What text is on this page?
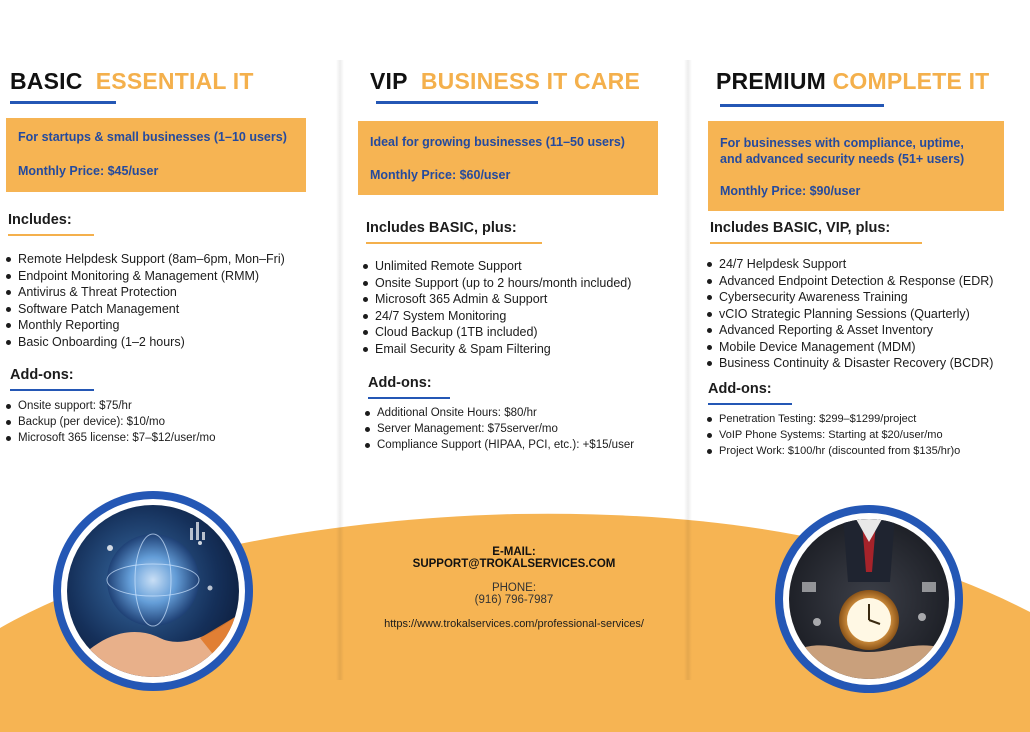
BASIC ESSENTIAL IT
For startups & small businesses (1–10 users)
Monthly Price: $45/user
Includes:
Remote Helpdesk Support (8am–6pm, Mon–Fri)
Endpoint Monitoring & Management (RMM)
Antivirus & Threat Protection
Software Patch Management
Monthly Reporting
Basic Onboarding (1–2 hours)
Add-ons:
Onsite support: $75/hr
Backup (per device): $10/mo
Microsoft 365 license: $7–$12/user/mo
VIP BUSINESS IT CARE
Ideal for growing businesses (11–50 users)
Monthly Price: $60/user
Includes BASIC, plus:
Unlimited Remote Support
Onsite Support (up to 2 hours/month included)
Microsoft 365 Admin & Support
24/7 System Monitoring
Cloud Backup (1TB included)
Email Security & Spam Filtering
Add-ons:
Additional Onsite Hours: $80/hr
Server Management: $75server/mo
Compliance Support (HIPAA, PCI, etc.): +$15/user
E-MAIL:
SUPPORT@TROKALSERVICES.COM
PHONE:
(916) 796-7987
https://www.trokalservices.com/professional-services/
PREMIUM COMPLETE IT
For businesses with compliance, uptime,
and advanced security needs (51+ users)
Monthly Price: $90/user
Includes BASIC, VIP, plus:
24/7 Helpdesk Support
Advanced Endpoint Detection & Response (EDR)
Cybersecurity Awareness Training
vCIO Strategic Planning Sessions (Quarterly)
Advanced Reporting & Asset Inventory
Mobile Device Management (MDM)
Business Continuity & Disaster Recovery (BCDR)
Add-ons:
Penetration Testing: $299–$1299/project
VoIP Phone Systems: Starting at $20/user/mo
Project Work: $100/hr (discounted from $135/hr)o
